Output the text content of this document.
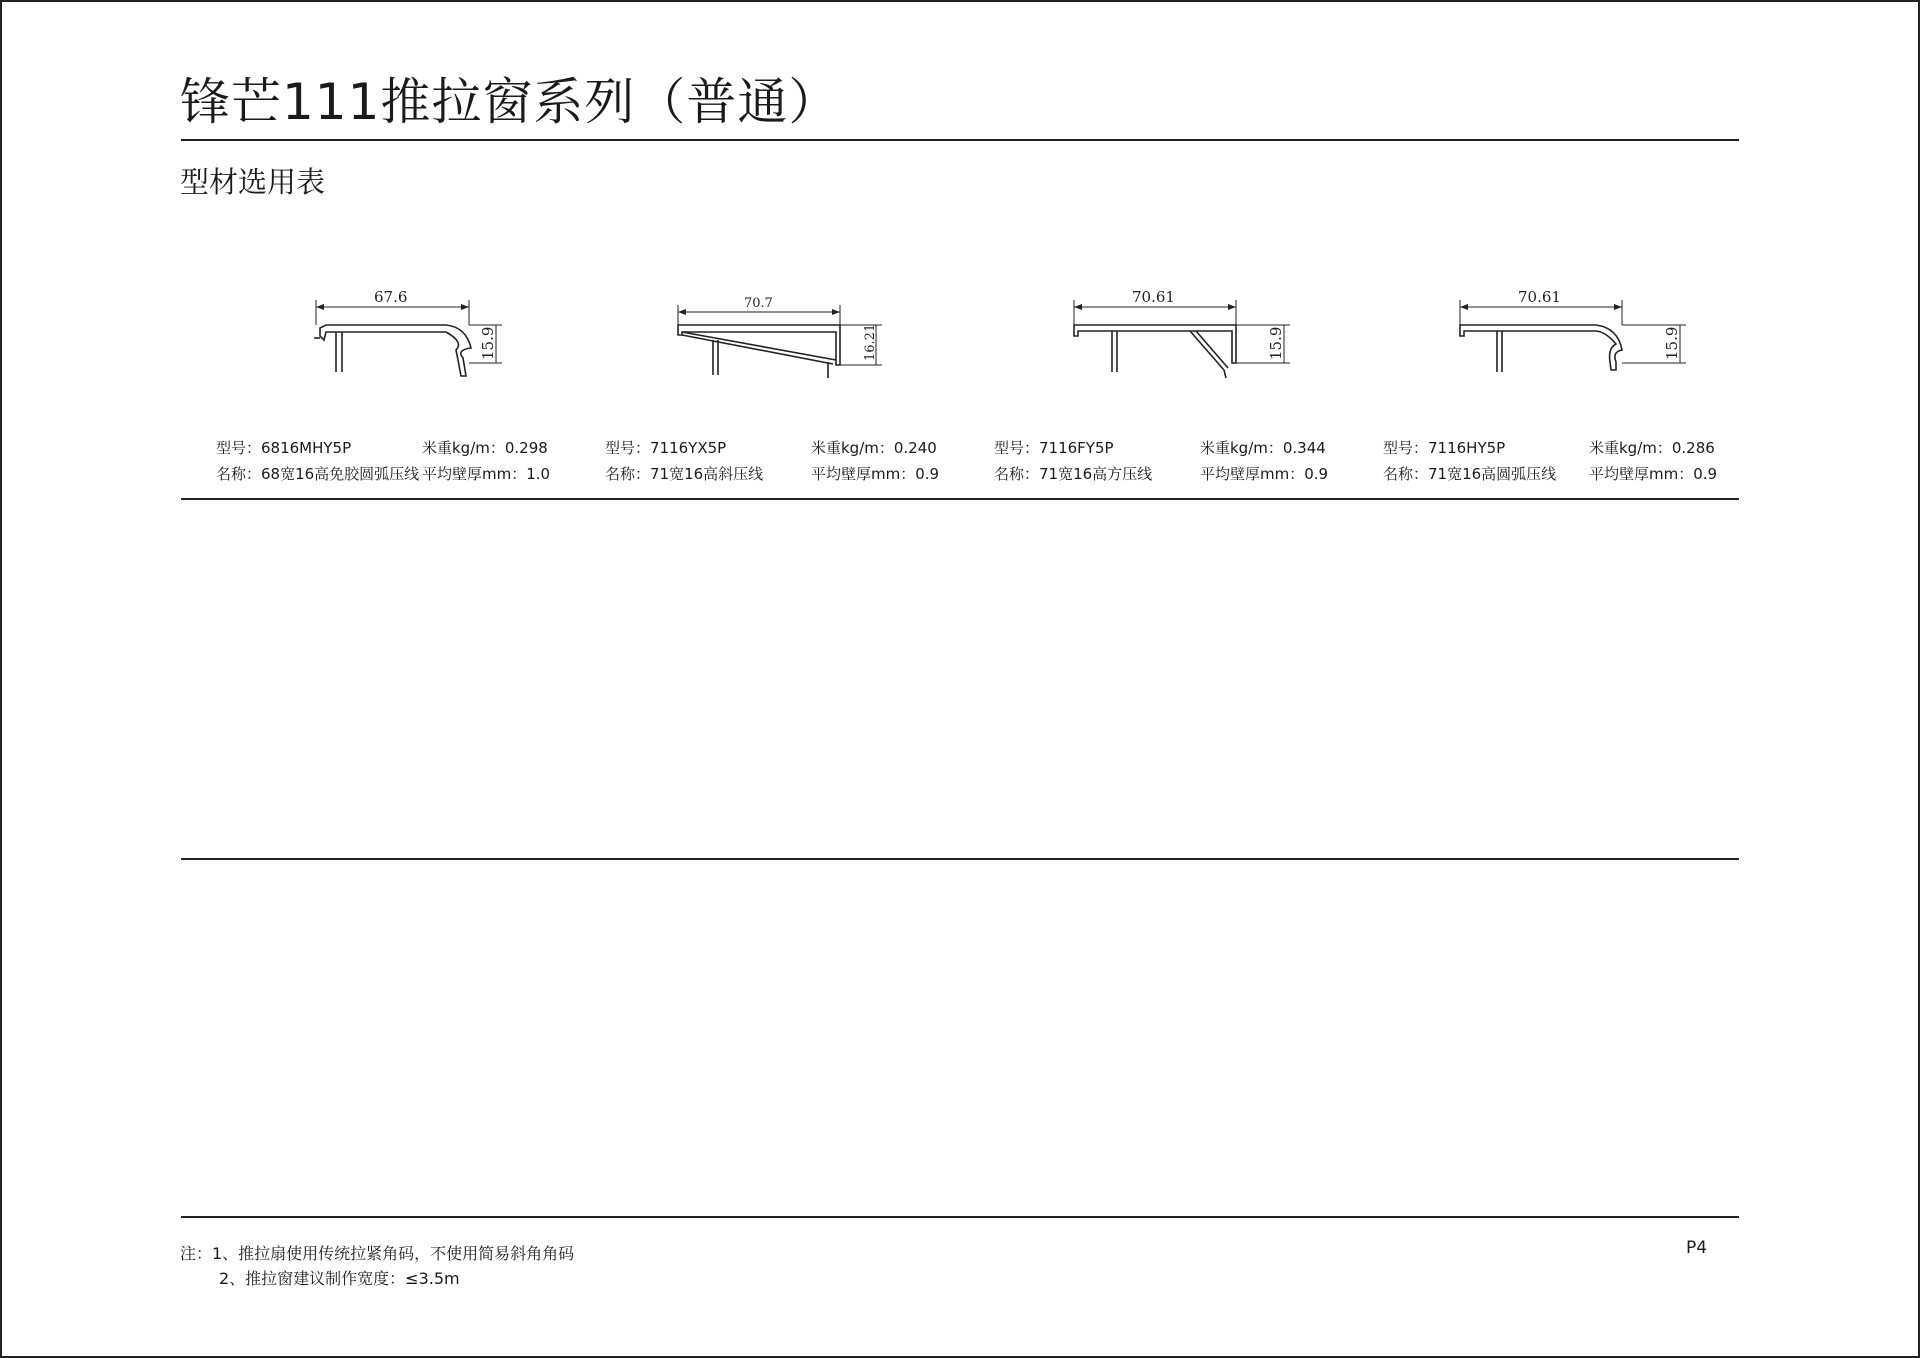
锋芒111推拉窗系列（普通）
型材选用表
67.6
15.9
70.7
16.21
70.61
15.9
70.61
15.9
型号：6816MHY5P
名称：68宽16高免胶圆弧压线
米重kg/m：0.298
平均壁厚mm：1.0
型号：7116YX5P
名称：71宽16高斜压线
米重kg/m：0.240
平均壁厚mm：0.9
型号：7116FY5P
名称：71宽16高方压线
米重kg/m：0.344
平均壁厚mm：0.9
型号：7116HY5P
名称：71宽16高圆弧压线
米重kg/m：0.286
平均壁厚mm：0.9
注：1、推拉扇使用传统拉紧角码，不使用简易斜角角码
2、推拉窗建议制作宽度：≤3.5m
P4
